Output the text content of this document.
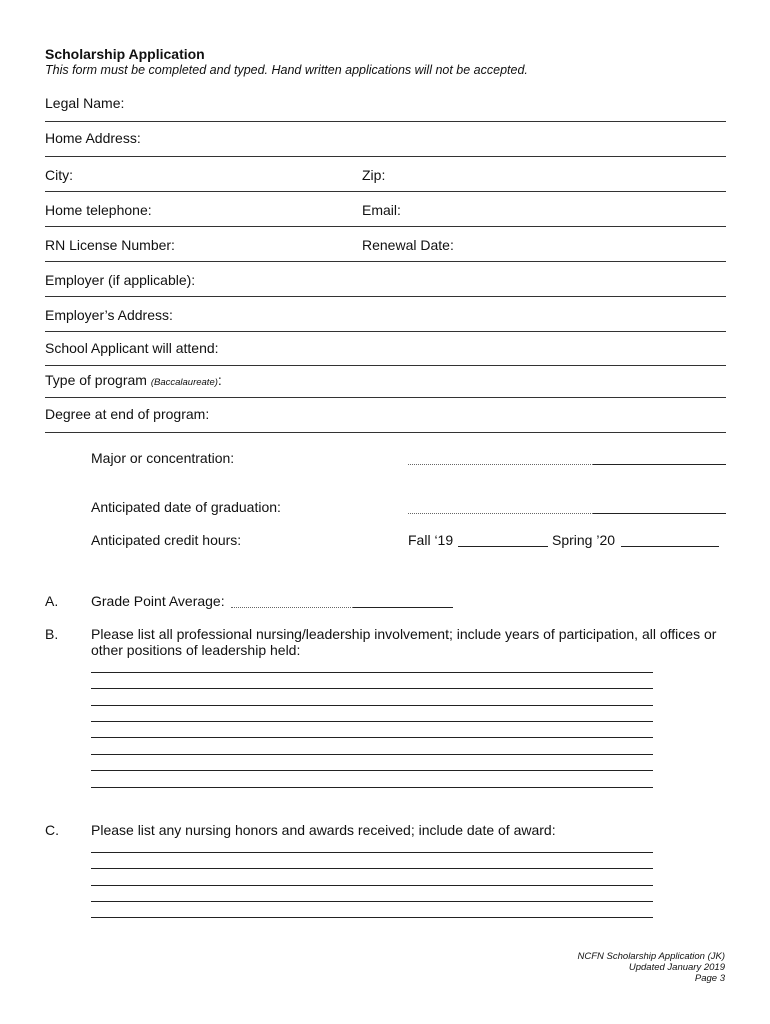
Scholarship Application
This form must be completed and typed. Hand written applications will not be accepted.
Legal Name:
Home Address:
City:	Zip:
Home telephone:	Email:
RN License Number:	Renewal Date:
Employer (if applicable):
Employer’s Address:
School Applicant will attend:
Type of program (Baccalaureate):
Degree at end of program:
Major or concentration:
Anticipated date of graduation:
Anticipated credit hours:	Fall ‘19	Spring ’20
A. Grade Point Average:
B. Please list all professional nursing/leadership involvement; include years of participation, all offices or
other positions of leadership held:
C. Please list any nursing honors and awards received; include date of award:
NCFN Scholarship Application (JK)
Updated January 2019
Page 3
